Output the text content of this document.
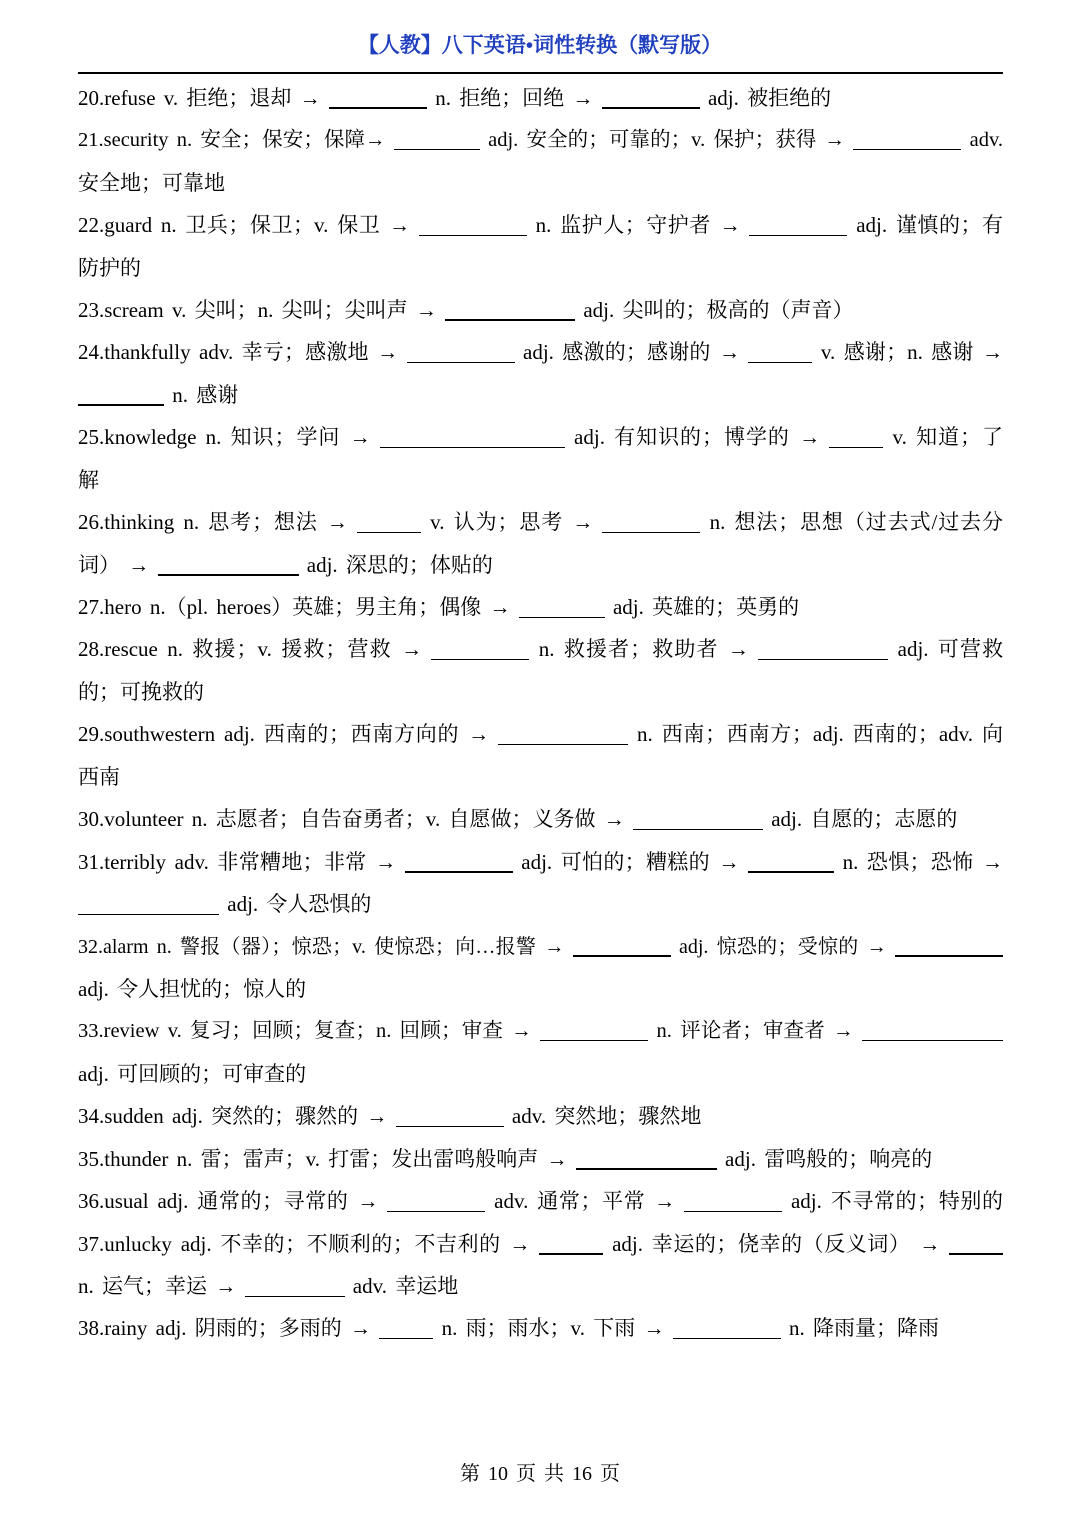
【人教】八下英语•词性转换（默写版）
20.refuse v. 拒绝；退却 →	n. 拒绝；回绝 →	adj. 被拒绝的
21.security n. 安全；保安；保障→	adj. 安全的；可靠的；v. 保护；获得 →	adv.
安全地；可靠地
22.guard n. 卫兵；保卫；v. 保卫 →	n. 监护人；守护者 →	adj. 谨慎的；有
防护的
23.scream v. 尖叫；n. 尖叫；尖叫声 →	adj. 尖叫的；极高的（声音）
24.thankfully adv. 幸亏；感激地 →	adj. 感激的；感谢的 →	v. 感谢；n. 感谢 →
n. 感谢
25.knowledge n. 知识；学问 →	adj. 有知识的；博学的 →	v. 知道；了
解
26.thinking n. 思考；想法 →	v. 认为；思考 →	n. 想法；思想（过去式/过去分
词） →	adj. 深思的；体贴的
27.hero n.（pl. heroes）英雄；男主角；偶像 →	adj. 英雄的；英勇的
28.rescue n. 救援；v. 援救；营救 →	n. 救援者；救助者 →	adj. 可营救
的；可挽救的
29.southwestern adj. 西南的；西南方向的 →	n. 西南；西南方；adj. 西南的；adv. 向
西南
30.volunteer n. 志愿者；自告奋勇者；v. 自愿做；义务做 →	adj. 自愿的；志愿的
31.terribly adv. 非常糟地；非常 →	adj. 可怕的；糟糕的 →	n. 恐惧；恐怖 →
adj. 令人恐惧的
32.alarm n. 警报（器）；惊恐；v. 使惊恐；向…报警 →	adj. 惊恐的；受惊的 →
adj. 令人担忧的；惊人的
33.review v. 复习；回顾；复查；n. 回顾；审查 →	n. 评论者；审查者 →
adj. 可回顾的；可审查的
34.sudden adj. 突然的；骤然的 →	adv. 突然地；骤然地
35.thunder n. 雷；雷声；v. 打雷；发出雷鸣般响声 →	adj. 雷鸣般的；响亮的
36.usual adj. 通常的；寻常的 →	adv. 通常；平常 →	adj. 不寻常的；特别的
37.unlucky adj. 不幸的；不顺利的；不吉利的 →	adj. 幸运的；侥幸的（反义词） →
n. 运气；幸运 →	adv. 幸运地
38.rainy adj. 阴雨的；多雨的 →	n. 雨；雨水；v. 下雨 →	n. 降雨量；降雨
第 10 页 共 16 页
